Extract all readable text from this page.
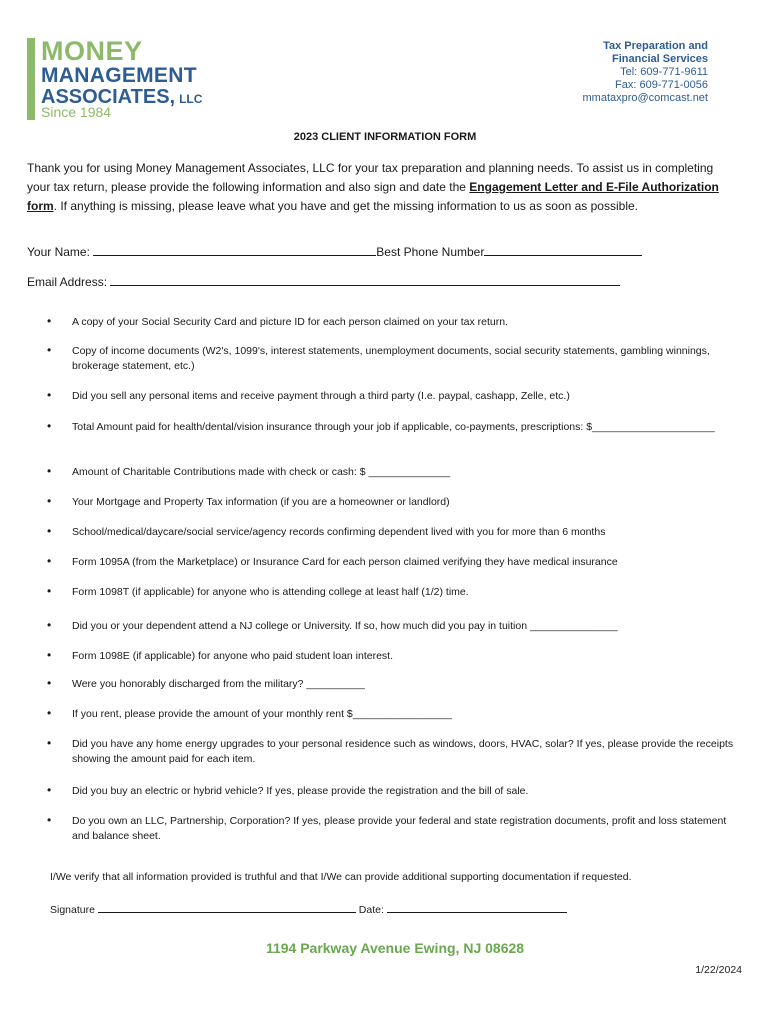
MONEY
MANAGEMENT
ASSOCIATES, LLC
Since 1984
Tax Preparation and
Financial Services
Tel: 609-771-9611
Fax: 609-771-0056
mmataxpro@comcast.net
2023 CLIENT INFORMATION FORM
Thank you for using Money Management Associates, LLC for your tax preparation and planning needs. To assist us in completing your tax return, please provide the following information and also sign and date the Engagement Letter and E-File Authorization form. If anything is missing, please leave what you have and get the missing information to us as soon as possible.
Your Name:	Best Phone Number
Email Address:
• A copy of your Social Security Card and picture ID for each person claimed on your tax return.
• Copy of income documents (W2's, 1099's, interest statements, unemployment documents, social security statements, gambling winnings, brokerage statement, etc.)
• Did you sell any personal items and receive payment through a third party (I.e. paypal, cashapp, Zelle, etc.)
• Total Amount paid for health/dental/vision insurance through your job if applicable, co-payments, prescriptions: $_____________________
• Amount of Charitable Contributions made with check or cash: $ ______________
• Your Mortgage and Property Tax information (if you are a homeowner or landlord)
• School/medical/daycare/social service/agency records confirming dependent lived with you for more than 6 months
• Form 1095A (from the Marketplace) or Insurance Card for each person claimed verifying they have medical insurance
• Form 1098T (if applicable) for anyone who is attending college at least half (1/2) time.
• Did you or your dependent attend a NJ college or University. If so, how much did you pay in tuition _______________
• Form 1098E (if applicable) for anyone who paid student loan interest.
• Were you honorably discharged from the military? __________
• If you rent, please provide the amount of your monthly rent $_________________
• Did you have any home energy upgrades to your personal residence such as windows, doors, HVAC, solar? If yes, please provide the receipts showing the amount paid for each item.
• Did you buy an electric or hybrid vehicle? If yes, please provide the registration and the bill of sale.
• Do you own an LLC, Partnership, Corporation? If yes, please provide your federal and state registration documents, profit and loss statement and balance sheet.
I/We verify that all information provided is truthful and that I/We can provide additional supporting documentation if requested.
Signature	Date:
1194 Parkway Avenue Ewing, NJ 08628
1/22/2024
